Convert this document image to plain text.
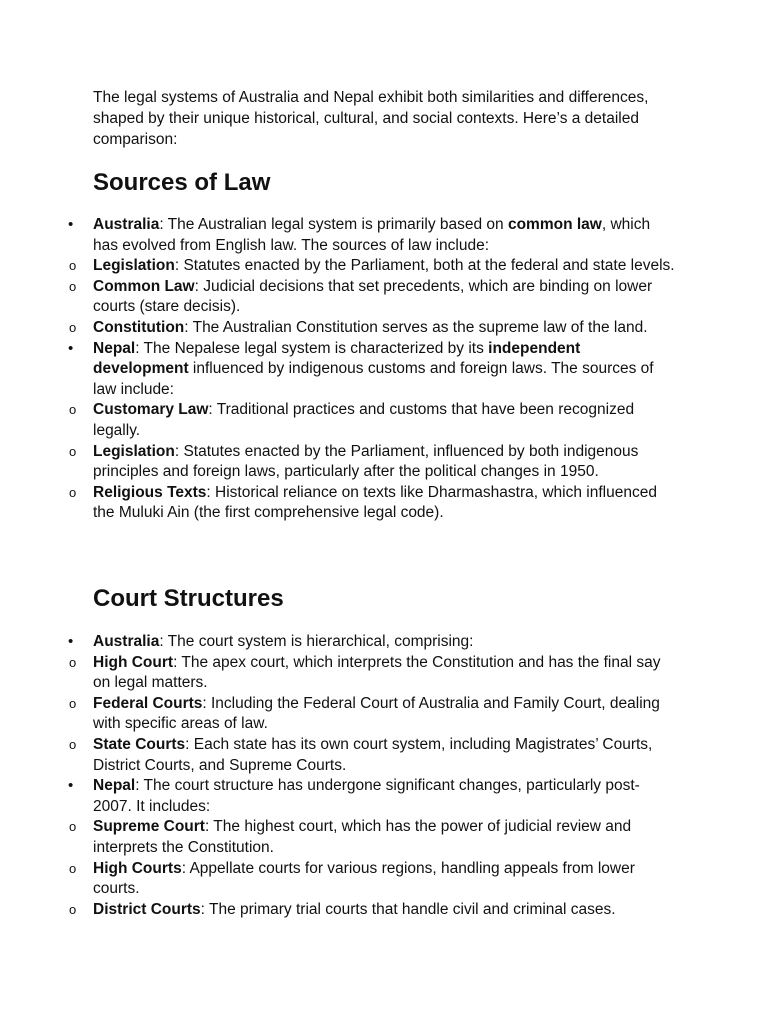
The legal systems of Australia and Nepal exhibit both similarities and differences, shaped by their unique historical, cultural, and social contexts. Here’s a detailed comparison:

Sources of Law
• Australia: The Australian legal system is primarily based on common law, which has evolved from English law. The sources of law include:
o Legislation: Statutes enacted by the Parliament, both at the federal and state levels.
o Common Law: Judicial decisions that set precedents, which are binding on lower courts (stare decisis).
o Constitution: The Australian Constitution serves as the supreme law of the land.
• Nepal: The Nepalese legal system is characterized by its independent development influenced by indigenous customs and foreign laws. The sources of law include:
o Customary Law: Traditional practices and customs that have been recognized legally.
o Legislation: Statutes enacted by the Parliament, influenced by both indigenous principles and foreign laws, particularly after the political changes in 1950.
o Religious Texts: Historical reliance on texts like Dharmashastra, which influenced the Muluki Ain (the first comprehensive legal code).
Court Structures
• Australia: The court system is hierarchical, comprising:
o High Court: The apex court, which interprets the Constitution and has the final say on legal matters.
o Federal Courts: Including the Federal Court of Australia and Family Court, dealing with specific areas of law.
o State Courts: Each state has its own court system, including Magistrates’ Courts, District Courts, and Supreme Courts.
• Nepal: The court structure has undergone significant changes, particularly post-2007. It includes:
o Supreme Court: The highest court, which has the power of judicial review and interprets the Constitution.
o High Courts: Appellate courts for various regions, handling appeals from lower courts.
o District Courts: The primary trial courts that handle civil and criminal cases.
